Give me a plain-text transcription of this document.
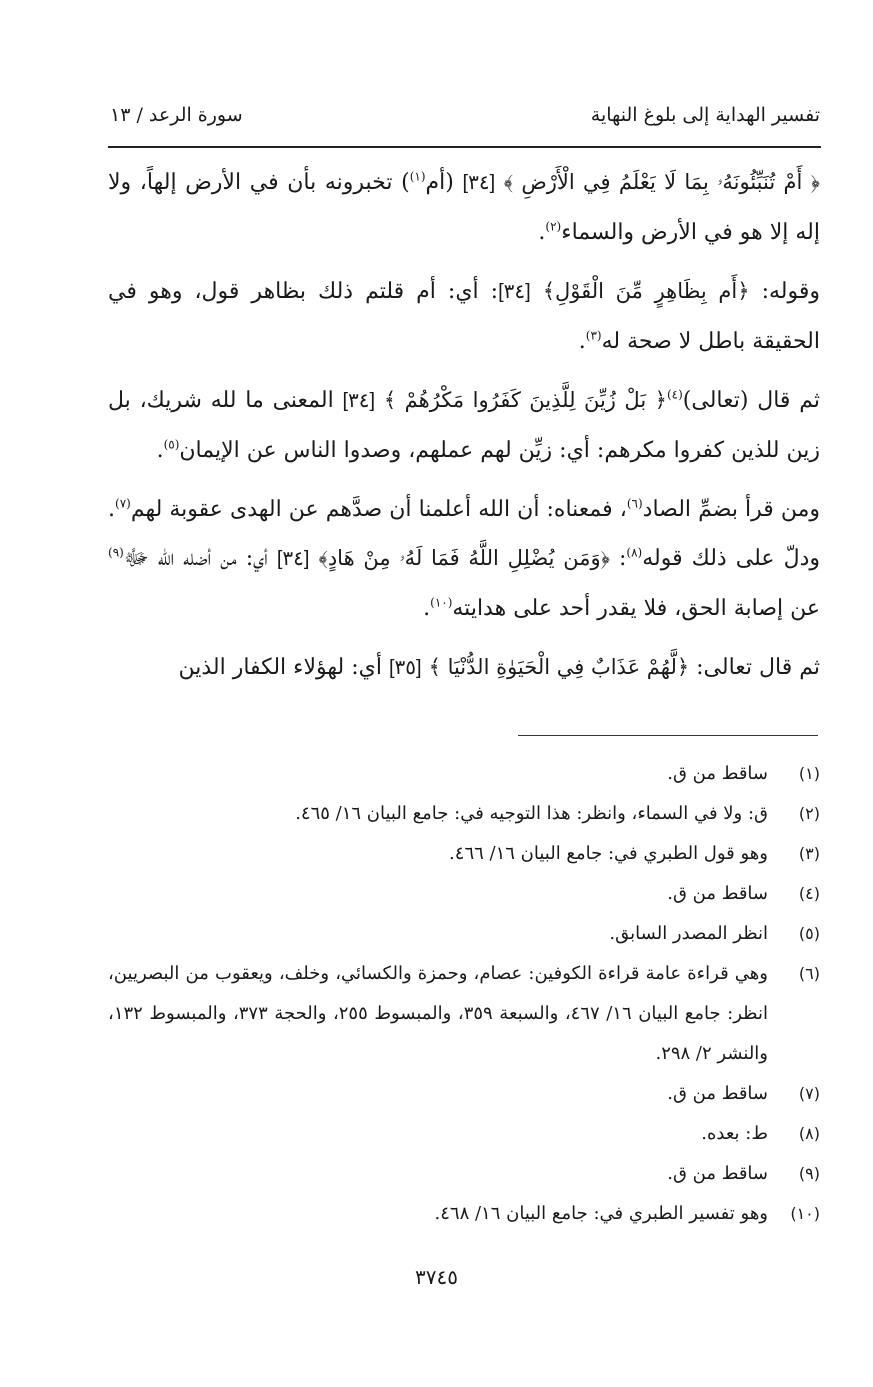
تفسير الهداية إلى بلوغ النهاية
سورة الرعد / ١٣

﴿ أَمْ تُنَبِّئُونَهُۥ بِمَا لَا يَعْلَمُ فِي الْأَرْضِ ﴾ [٣٤] (أم$^{(١)}$) تخبرونه بأن في الأرض إلهاً، ولا إله إلا هو في الأرض والسماء$^{(٢)}$.

وقوله: ﴿أَم بِظَاهِرٍ مِّنَ الْقَوْلِ﴾ [٣٤]: أي: أم قلتم ذلك بظاهر قول، وهو في الحقيقة باطل لا صحة له$^{(٣)}$.

ثم قال (تعالى)$^{(٤)}$﴿ بَلْ زُيِّنَ لِلَّذِينَ كَفَرُوا مَكْرُهُمْ ﴾ [٣٤] المعنى ما لله شريك، بل زين للذين كفروا مكرهم: أي: زيِّن لهم عملهم، وصدوا الناس عن الإيمان$^{(٥)}$.

ومن قرأ بضمِّ الصاد$^{(٦)}$، فمعناه: أن الله أعلمنا أن صدَّهم عن الهدى عقوبة لهم$^{(٧)}$. ودلّ على ذلك قوله$^{(٨)}$: ﴿وَمَن يُضْلِلِ اللَّهُ فَمَا لَهُۥ مِنْ هَادٍ﴾ [٣٤] أي: من أضله الله ﷻ$^{(٩)}$ عن إصابة الحق، فلا يقدر أحد على هدايته$^{(١٠)}$.

ثم قال تعالى: ﴿لَّهُمْ عَذَابٌ فِي الْحَيَوٰةِ الدُّنْيَا ﴾ [٣٥] أي: لهؤلاء الكفار الذين

(١)
ساقط من ق.
(٢)
ق: ولا في السماء، وانظر: هذا التوجيه في: جامع البيان ١٦/ ٤٦٥.
(٣)
وهو قول الطبري في: جامع البيان ١٦/ ٤٦٦.
(٤)
ساقط من ق.
(٥)
انظر المصدر السابق.
(٦)
وهي قراءة عامة قراءة الكوفين: عصام، وحمزة والكسائي، وخلف، ويعقوب من البصريين، انظر: جامع البيان ١٦/ ٤٦٧، والسبعة ٣٥٩، والمبسوط ٢٥٥، والحجة ٣٧٣، والمبسوط ١٣٢، والنشر ٢/ ٢٩٨.
(٧)
ساقط من ق.
(٨)
ط: بعده.
(٩)
ساقط من ق.
(١٠)
وهو تفسير الطبري في: جامع البيان ١٦/ ٤٦٨.
٣٧٤٥
